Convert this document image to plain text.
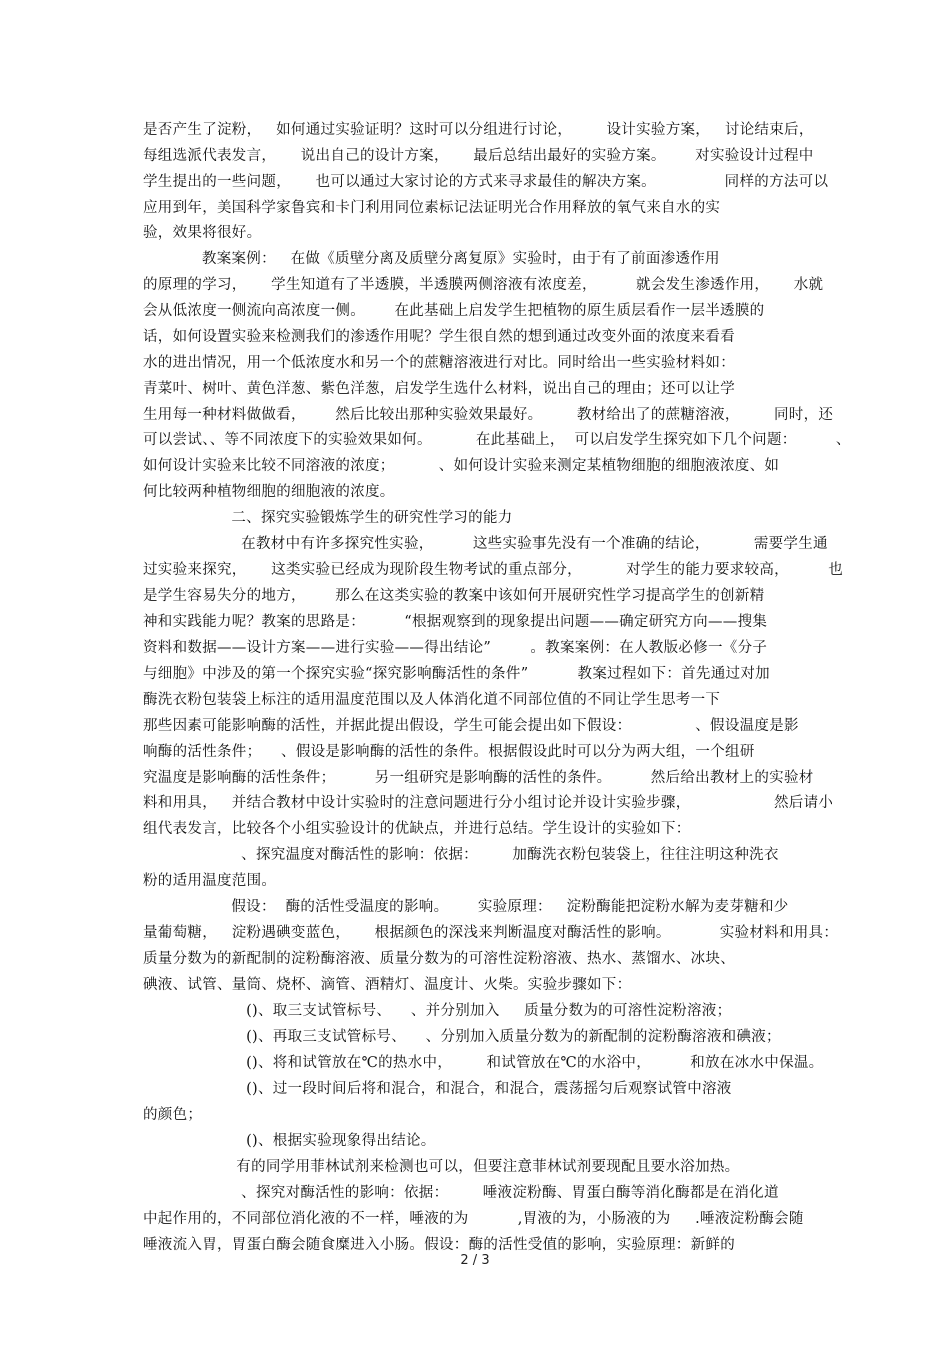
是否产生了淀粉，   如何通过实验证明？这时可以分组进行讨论，       设计实验方案，   讨论结束后，
每组选派代表发言，     说出自己的设计方案，     最后总结出最好的实验方案。      对实验设计过程中
学生提出的一些问题，     也可以通过大家讨论的方式来寻求最佳的解决方案。              同样的方法可以
应用到年，美国科学家鲁宾和卡门利用同位素标记法证明光合作用释放的氧气来自水的实
验，效果将很好。
教案案例：   在做《质壁分离及质壁分离复原》实验时，由于有了前面渗透作用
的原理的学习，     学生知道有了半透膜，半透膜两侧溶液有浓度差，        就会发生渗透作用，     水就
会从低浓度一侧流向高浓度一侧。      在此基础上启发学生把植物的原生质层看作一层半透膜的
话，如何设置实验来检测我们的渗透作用呢？学生很自然的想到通过改变外面的浓度来看看
水的进出情况，用一个低浓度水和另一个的蔗糖溶液进行对比。同时给出一些实验材料如：
青菜叶、树叶、黄色洋葱、紫色洋葱，启发学生选什么材料，说出自己的理由；还可以让学
生用每一种材料做做看，      然后比较出那种实验效果最好。       教材给出了的蔗糖溶液，       同时，还
可以尝试、、等不同浓度下的实验效果如何。         在此基础上，  可以启发学生探究如下几个问题：        、
如何设计实验来比较不同溶液的浓度；         、如何设计实验来测定某植物细胞的细胞液浓度、如
何比较两种植物细胞的细胞液的浓度。
二、探究实验锻炼学生的研究性学习的能力
在教材中有许多探究性实验，        这些实验事先没有一个准确的结论，         需要学生通
过实验来探究，     这类实验已经成为现阶段生物考试的重点部分，         对学生的能力要求较高，        也
是学生容易失分的地方，      那么在这类实验的教案中该如何开展研究性学习提高学生的创新精
神和实践能力呢？教案的思路是：        “根据观察到的现象提出问题——确定研究方向——搜集
资料和数据——设计方案——进行实验——得出结论”        。教案案例：在人教版必修一《分子
与细胞》中涉及的第一个探究实验“探究影响酶活性的条件”          教案过程如下：首先通过对加
酶洗衣粉包装袋上标注的适用温度范围以及人体消化道不同部位值的不同让学生思考一下
那些因素可能影响酶的活性，并据此提出假设，学生可能会提出如下假设：             、假设温度是影
响酶的活性条件；    、假设是影响酶的活性的条件。根据假设此时可以分为两大组，一个组研
究温度是影响酶的活性条件；        另一组研究是影响酶的活性的条件。        然后给出教材上的实验材
料和用具，   并结合教材中设计实验时的注意问题进行分小组讨论并设计实验步骤，                 然后请小
组代表发言，比较各个小组实验设计的优缺点，并进行总结。学生设计的实验如下：
、探究温度对酶活性的影响：依据：       加酶洗衣粉包装袋上，往往注明这种洗衣
粉的适用温度范围。
假设：  酶的活性受温度的影响。      实验原理：   淀粉酶能把淀粉水解为麦芽糖和少
量葡萄糖，   淀粉遇碘变蓝色，     根据颜色的深浅来判断温度对酶活性的影响。          实验材料和用具：
质量分数为的新配制的淀粉酶溶液、质量分数为的可溶性淀粉溶液、热水、蒸馏水、冰块、
碘液、试管、量筒、烧杯、滴管、酒精灯、温度计、火柴。实验步骤如下：
()、取三支试管标号、    、并分别加入     质量分数为的可溶性淀粉溶液；
()、再取三支试管标号、    、分别加入质量分数为的新配制的淀粉酶溶液和碘液；
()、将和试管放在℃的热水中，       和试管放在℃的水浴中，        和放在冰水中保温。
()、过一段时间后将和混合，和混合，和混合，震荡摇匀后观察试管中溶液
的颜色；
()、根据实验现象得出结论。
有的同学用菲林试剂来检测也可以，但要注意菲林试剂要现配且要水浴加热。
、探究对酶活性的影响：依据：       唾液淀粉酶、胃蛋白酶等消化酶都是在消化道
中起作用的，不同部位消化液的不一样，唾液的为          ,胃液的为，小肠液的为     .唾液淀粉酶会随
唾液流入胃，胃蛋白酶会随食糜进入小肠。假设：酶的活性受值的影响，实验原理：新鲜的
2 / 3
